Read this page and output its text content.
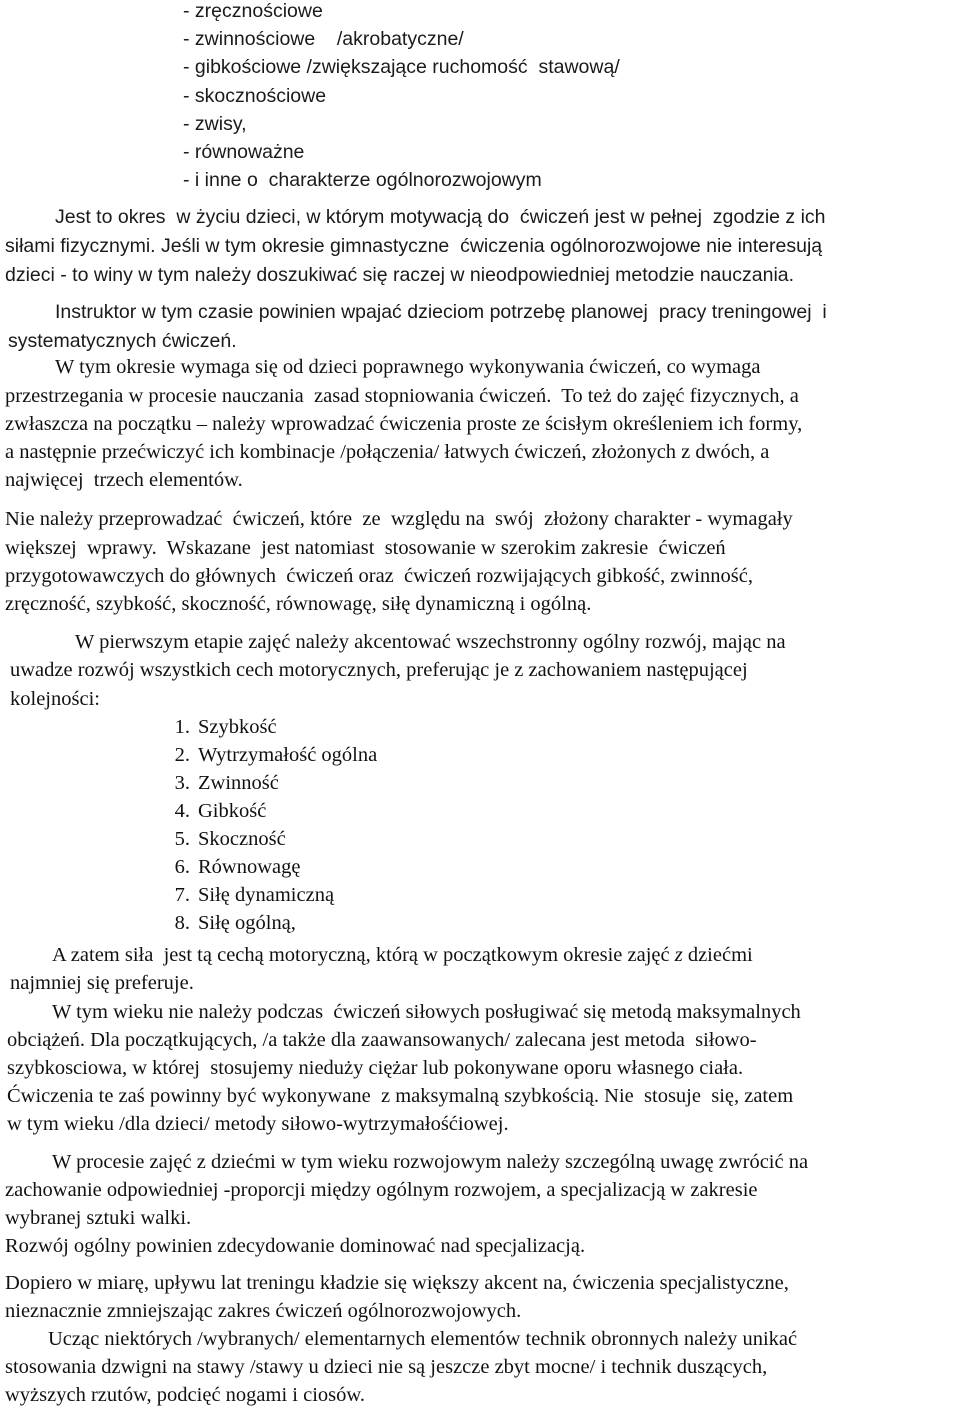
- zręcznościowe
- zwinnościowe    /akrobatyczne/
- gibkościowe /zwiększające ruchomość  stawową/
- skocznościowe
- zwisy,
- równoważne
- i inne o  charakterze ogólnorozwojowym
Jest to okres  w życiu dzieci, w którym motywacją do  ćwiczeń jest w pełnej  zgodzie z ich
siłami fizycznymi. Jeśli w tym okresie gimnastyczne  ćwiczenia ogólnorozwojowe nie interesują
dzieci - to winy w tym należy doszukiwać się raczej w nieodpowiedniej metodzie nauczania.
Instruktor w tym czasie powinien wpajać dzieciom potrzebę planowej  pracy treningowej  i
systematycznych ćwiczeń.
W tym okresie wymaga się od dzieci poprawnego wykonywania ćwiczeń, co wymaga
przestrzegania w procesie nauczania  zasad stopniowania ćwiczeń.  To też do zajęć fizycznych, a
zwłaszcza na początku – należy wprowadzać ćwiczenia proste ze ścisłym określeniem ich formy,
a następnie przećwiczyć ich kombinacje /połączenia/ łatwych ćwiczeń, złożonych z dwóch, a
najwięcej  trzech elementów.
Nie należy przeprowadzać  ćwiczeń, które  ze  względu na  swój  złożony charakter - wymagały
większej  wprawy.  Wskazane  jest natomiast  stosowanie w szerokim zakresie  ćwiczeń
przygotowawczych do głównych  ćwiczeń oraz  ćwiczeń rozwijających gibkość, zwinność,
zręczność, szybkość, skoczność, równowagę, siłę dynamiczną i ogólną.
W pierwszym etapie zajęć należy akcentować wszechstronny ogólny rozwój, mając na
uwadze rozwój wszystkich cech motorycznych, preferując je z zachowaniem następującej
kolejności:
1. Szybkość
2. Wytrzymałość ogólna
3. Zwinność
4. Gibkość
5. Skoczność
6. Równowagę
7. Siłę dynamiczną
8. Siłę ogólną,
A zatem siła  jest tą cechą motoryczną, którą w początkowym okresie zajęć z dziećmi
najmniej się preferuje.
W tym wieku nie należy podczas  ćwiczeń siłowych posługiwać się metodą maksymalnych
obciążeń. Dla początkujących, /a także dla zaawansowanych/ zalecana jest metoda  siłowo-
szybkosciowa, w której  stosujemy niedużу ciężar lub pokonywane oporu własnego ciała.
Ćwiczenia te zaś powinny być wykonywane  z maksymalną szybkością. Nie  stosuje  się, zatem
w tym wieku /dla dzieci/ metody siłowo-wytrzymałośćiowej.
W procesie zajęć z dziećmi w tym wieku rozwojowym należy szczególną uwagę zwrócić na
zachowanie odpowiedniej -proporcji między ogólnym rozwojem, a specjalizacją w zakresie
wybranej sztuki walki.
Rozwój ogólny powinien zdecydowanie dominować nad specjalizacją.
Dopiero w miarę, upływu lat treningu kładzie się większy akcent na, ćwiczenia specjalistyczne,
nieznacznie zmniejszając zakres ćwiczeń ogólnorozwojowych.
Ucząc niektórych /wybranych/ elementarnych elementów technik obronnych należy unikać
stosowania dzwigni na stawy /stawy u dzieci nie są jeszcze zbyt mocne/ i technik duszących,
wyższych rzutów, podcięć nogami i ciosów.
